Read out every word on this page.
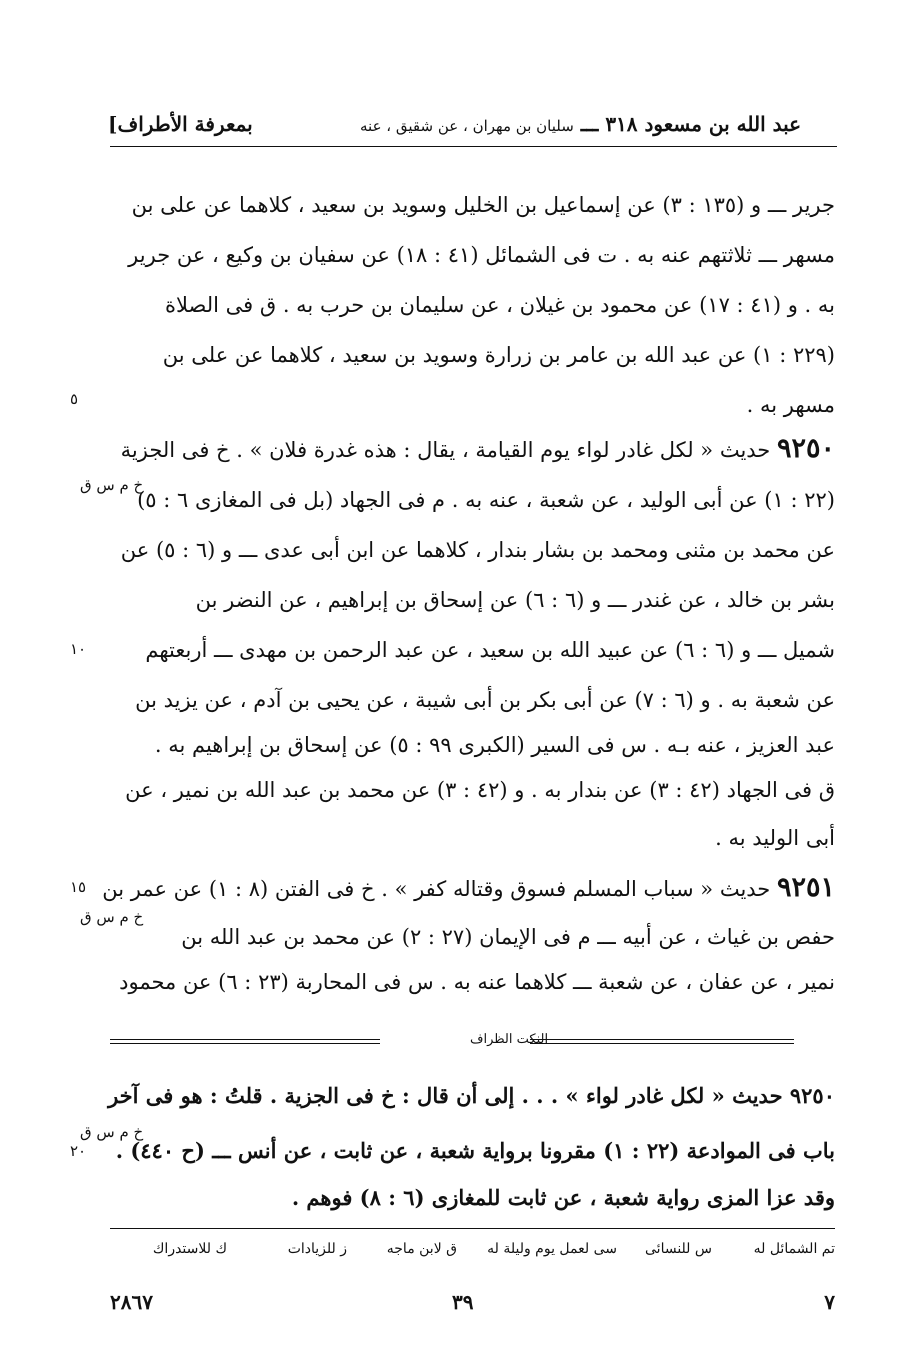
بمعرفة الأطراف]	عبد الله بن مسعود ٣١٨ ـــ سليان بن مهران ، عن شقيق ، عنه
جرير ـــ و (١٣٥ : ٣) عن إسماعيل بن الخليل وسويد بن سعيد ، كلاهما عن على بن
مسهر ـــ ثلاثتهم عنه به . ت فى الشمائل (٤١ : ١٨) عن سفيان بن وكيع ، عن جرير
به . و (٤١ : ١٧) عن محمود بن غيلان ، عن سليمان بن حرب به . ق فى الصلاة
(٢٢٩ : ١) عن عبد الله بن عامر بن زرارة وسويد بن سعيد ، كلاهما عن على بن
مسهر به .
٥
٩٢٥٠ حديث « لكل غادر لواء يوم القيامة ، يقال : هذه غدرة فلان » . خ فى الجزية
خ م س ق
(٢٢ : ١) عن أبى الوليد ، عن شعبة ، عنه به . م فى الجهاد (بل فى المغازى ٦ : ٥)
عن محمد بن مثنى ومحمد بن بشار بندار ، كلاهما عن ابن أبى عدى ـــ و (٦ : ٥) عن
بشر بن خالد ، عن غندر ـــ و (٦ : ٦) عن إسحاق بن إبراهيم ، عن النضر بن
شميل ـــ و (٦ : ٦) عن عبيد الله بن سعيد ، عن عبد الرحمن بن مهدى ـــ أربعتهم
١٠
عن شعبة به . و (٦ : ٧) عن أبى بكر بن أبى شيبة ، عن يحيى بن آدم ، عن يزيد بن
عبد العزيز ، عنه بـه . س فى السير (الكبرى ٩٩ : ٥) عن إسحاق بن إبراهيم به .
ق فى الجهاد (٤٢ : ٣) عن بندار به . و (٤٢ : ٣) عن محمد بن عبد الله بن نمير ، عن
أبى الوليد به .
٩٢٥١ حديث « سباب المسلم فسوق وقتاله كفر » . خ فى الفتن (٨ : ١) عن عمر بن
١٥
خ م س ق
حفص بن غياث ، عن أبيه ـــ م فى الإيمان (٢٧ : ٢) عن محمد بن عبد الله بن
نمير ، عن عفان ، عن شعبة ـــ كلاهما عنه به . س فى المحاربة (٢٣ : ٦) عن محمود
النكت الظراف
٩٢٥٠ حديث « لكل غادر لواء » . . . إلى أن قال : خ فى الجزية . قلتُ : هو فى آخر
خ م س ق
باب فى الموادعة (٢٢ : ١) مقرونا برواية شعبة ، عن ثابت ، عن أنس ـــ (ح ٤٤٠) .
٢٠
وقد عزا المزى رواية شعبة ، عن ثابت للمغازى (٦ : ٨) فوهم .
تم الشمائل له
س للنسائى
سى لعمل يوم وليلة له
ق لابن ماجه
ز للزيادات
ك للاستدراك
٢٨٦٧	٣٩	٧
